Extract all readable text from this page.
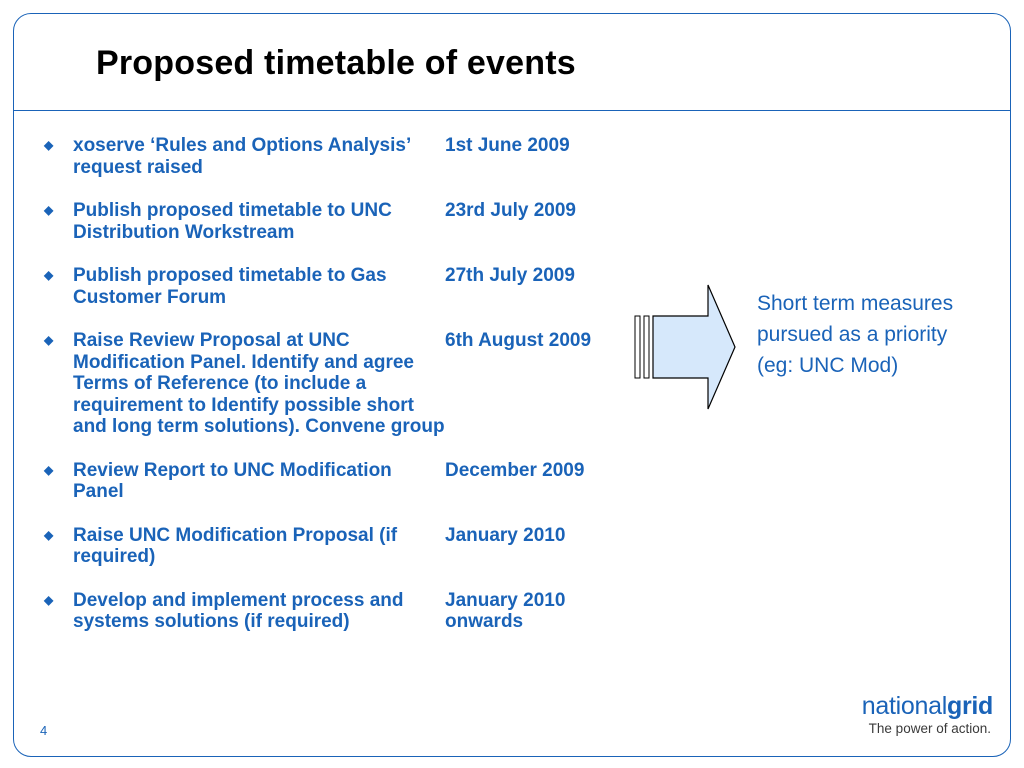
Proposed timetable of events
◆	xoserve ‘Rules and Options Analysis’ request raised
1st June 2009
◆	Publish proposed timetable to UNC Distribution Workstream
23rd July 2009
◆	Publish proposed timetable to Gas Customer Forum
27th July 2009
◆	Raise Review Proposal at UNC Modification Panel. Identify and agree Terms of Reference (to include a requirement to Identify possible short and long term solutions). Convene group
6th August 2009
◆	Review Report to UNC Modification Panel
December 2009
◆	Raise UNC Modification Proposal (if required)
January 2010
◆	Develop and implement process and systems solutions (if required)
January 2010 onwards
Short term measures pursued as a priority (eg: UNC Mod)
4
nationalgrid
The power of action.
